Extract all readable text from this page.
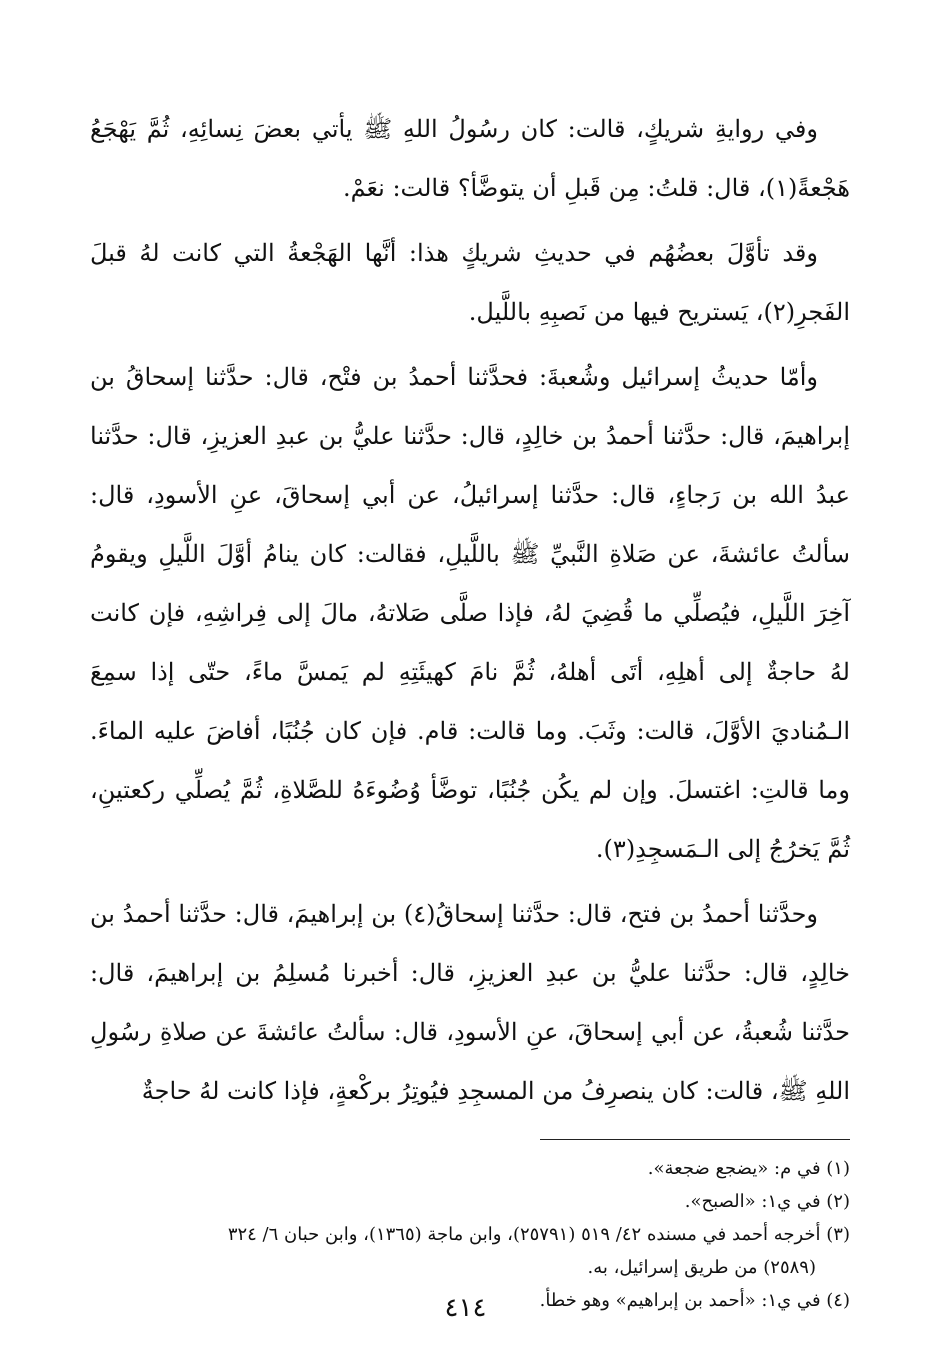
وفي روايةِ شريكٍ، قالت: كان رسُولُ اللهِ ﷺ يأتي بعضَ نِسائِهِ، ثُمَّ يَهْجَعُ هَجْعةً(١)، قال: قلتُ: مِن قَبلِ أن يتوضَّأ؟ قالت: نعَمْ.

وقد تأوَّلَ بعضُهُم في حديثِ شريكٍ هذا: أنَّها الهَجْعةُ التي كانت لهُ قبلَ الفَجرِ(٢)، يَستريح فيها من نَصبِهِ باللَّيل.

وأمّا حديثُ إسرائيل وشُعبةَ: فحدَّثنا أحمدُ بن فتْح، قال: حدَّثنا إسحاقُ بن إبراهيمَ، قال: حدَّثنا أحمدُ بن خالِدٍ، قال: حدَّثنا عليُّ بن عبدِ العزيزِ، قال: حدَّثنا عبدُ الله بن رَجاءٍ، قال: حدَّثنا إسرائيلُ، عن أبي إسحاقَ، عنِ الأسودِ، قال: سألتُ عائشةَ، عن صَلاةِ النَّبيِّ ﷺ باللَّيلِ، فقالت: كان ينامُ أوَّلَ اللَّيلِ ويقومُ آخِرَ اللَّيلِ، فيُصلِّي ما قُضِيَ لهُ، فإذا صلَّى صَلاتهُ، مالَ إلى فِراشِهِ، فإن كانت لهُ حاجةٌ إلى أهلِهِ، أتَى أهلهُ، ثُمَّ نامَ كهيئَتِهِ لم يَمسَّ ماءً، حتّى إذا سمِعَ الـمُناديَ الأوَّلَ، قالت: وثَبَ. وما قالت: قام. فإن كان جُنُبًا، أفاضَ عليه الماءَ. وما قالتِ: اغتسلَ. وإن لم يكُن جُنُبًا، توضَّأ وُضُوءَهُ للصَّلاةِ، ثُمَّ يُصلِّي ركعتينِ، ثُمَّ يَخرُجُ إلى الـمَسجِدِ(٣).

وحدَّثنا أحمدُ بن فتح، قال: حدَّثنا إسحاقُ(٤) بن إبراهيمَ، قال: حدَّثنا أحمدُ بن خالِدٍ، قال: حدَّثنا عليُّ بن عبدِ العزيزِ، قال: أخبرنا مُسلِمُ بن إبراهيمَ، قال: حدَّثنا شُعبةُ، عن أبي إسحاقَ، عنِ الأسودِ، قال: سألتُ عائشةَ عن صلاةِ رسُولِ اللهِ ﷺ، قالت: كان ينصرِفُ من المسجِدِ فيُوتِرُ بركْعةٍ، فإذا كانت لهُ حاجةٌ

(١) في م: «يضجع ضجعة».

(٢) في ي١: «الصبح».

(٣) أخرجه أحمد في مسنده ٤٢/ ٥١٩ (٢٥٧٩١)، وابن ماجة (١٣٦٥)، وابن حبان ٦/ ٣٢٤

(٢٥٨٩) من طريق إسرائيل، به.

(٤) في ي١: «أحمد بن إبراهيم» وهو خطأ.

٤١٤
